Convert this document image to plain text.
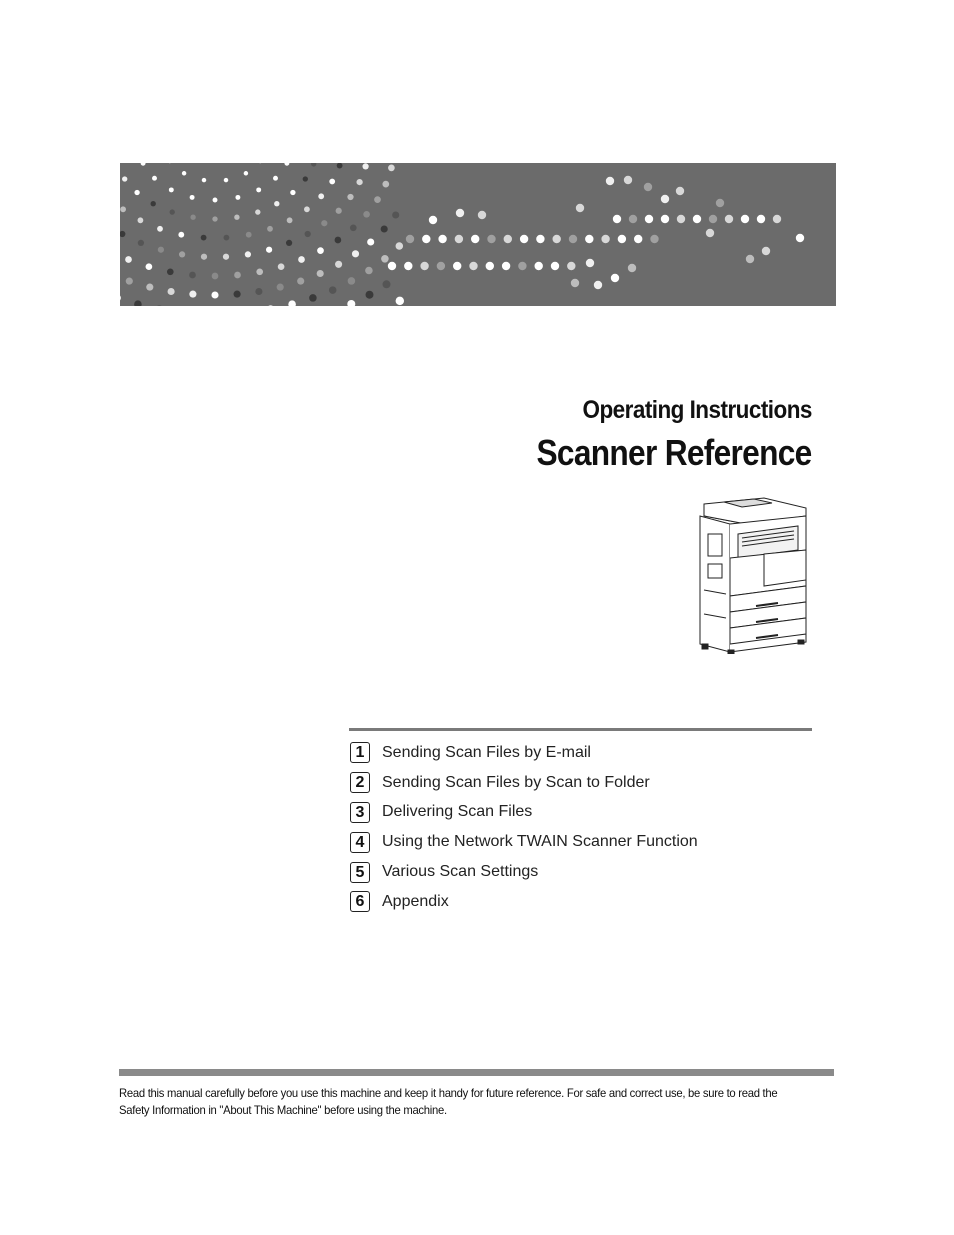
Operating Instructions
Scanner Reference
1	Sending Scan Files by E-mail
2	Sending Scan Files by Scan to Folder
3	Delivering Scan Files
4	Using the Network TWAIN Scanner Function
5	Various Scan Settings
6	Appendix
Read this manual carefully before you use this machine and keep it handy for future reference. For safe and correct use, be sure to read the Safety Information in "About This Machine" before using the machine.
